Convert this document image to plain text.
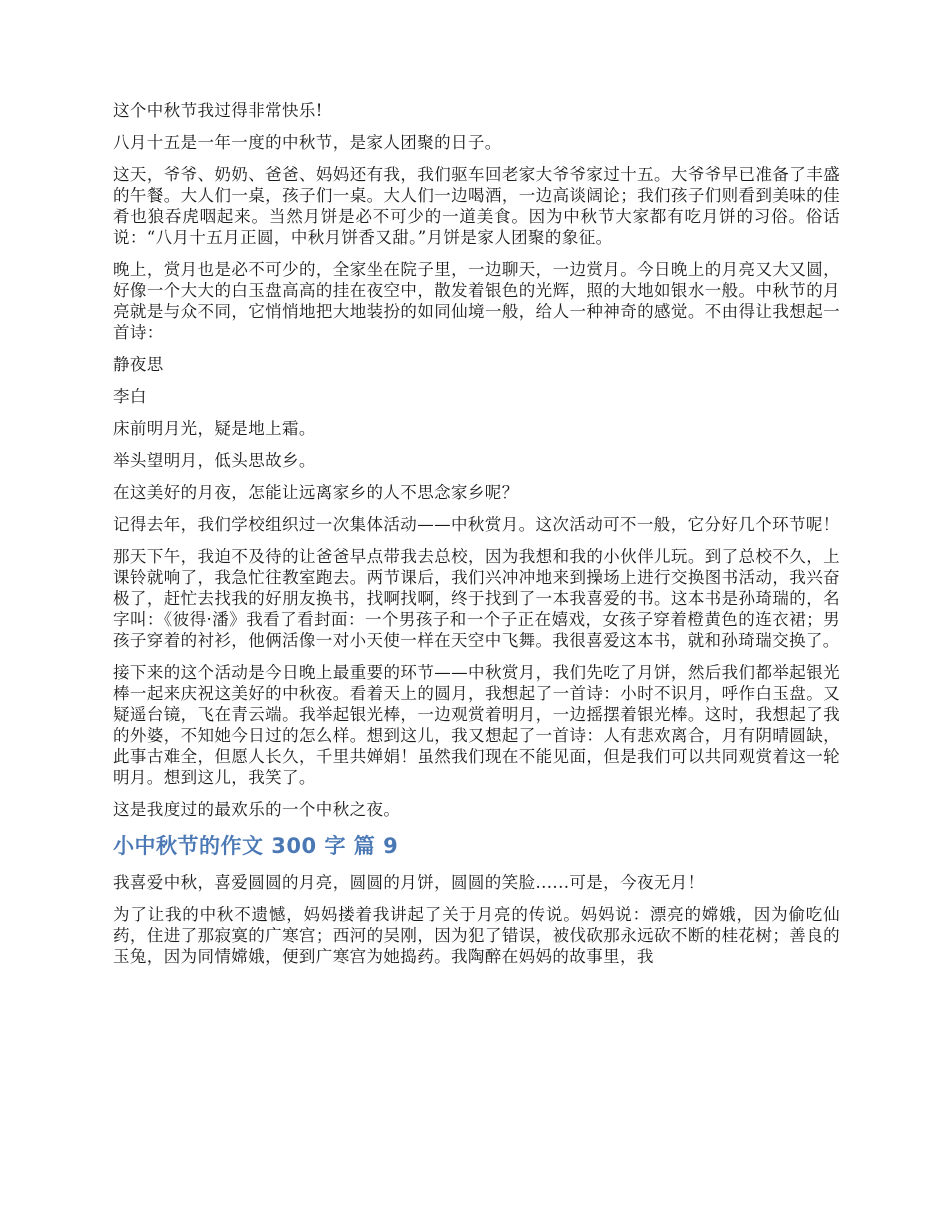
这个中秋节我过得非常快乐!

八月十五是一年一度的中秋节，是家人团聚的日子。

这天，爷爷、奶奶、爸爸、妈妈还有我，我们驱车回老家大爷爷家过十五。大爷爷早已准备了丰盛的午餐。大人们一桌，孩子们一桌。大人们一边喝酒，一边高谈阔论；我们孩子们则看到美味的佳肴也狼吞虎咽起来。当然月饼是必不可少的一道美食。因为中秋节大家都有吃月饼的习俗。俗话说：“八月十五月正圆，中秋月饼香又甜。”月饼是家人团聚的象征。

晚上，赏月也是必不可少的，全家坐在院子里，一边聊天，一边赏月。今日晚上的月亮又大又圆，好像一个大大的白玉盘高高的挂在夜空中，散发着银色的光辉，照的大地如银水一般。中秋节的月亮就是与众不同，它悄悄地把大地装扮的如同仙境一般，给人一种神奇的感觉。不由得让我想起一首诗：

静夜思

李白

床前明月光，疑是地上霜。

举头望明月，低头思故乡。

在这美好的月夜，怎能让远离家乡的人不思念家乡呢？

记得去年，我们学校组织过一次集体活动——中秋赏月。这次活动可不一般，它分好几个环节呢！

那天下午，我迫不及待的让爸爸早点带我去总校，因为我想和我的小伙伴儿玩。到了总校不久，上课铃就响了，我急忙往教室跑去。两节课后，我们兴冲冲地来到操场上进行交换图书活动，我兴奋极了，赶忙去找我的好朋友换书，找啊找啊，终于找到了一本我喜爱的书。这本书是孙琦瑞的，名字叫：《彼得·潘》我看了看封面：一个男孩子和一个子正在嬉戏，女孩子穿着橙黄色的连衣裙；男孩子穿着的衬衫，他俩活像一对小天使一样在天空中飞舞。我很喜爱这本书，就和孙琦瑞交换了。

接下来的这个活动是今日晚上最重要的环节——中秋赏月，我们先吃了月饼，然后我们都举起银光棒一起来庆祝这美好的中秋夜。看着天上的圆月，我想起了一首诗：小时不识月，呼作白玉盘。又疑遥台镜，飞在青云端。我举起银光棒，一边观赏着明月，一边摇摆着银光棒。这时，我想起了我的外婆，不知她今日过的怎么样。想到这儿，我又想起了一首诗：人有悲欢离合，月有阴晴圆缺，此事古难全，但愿人长久，千里共婵娟！虽然我们现在不能见面，但是我们可以共同观赏着这一轮明月。想到这儿，我笑了。

这是我度过的最欢乐的一个中秋之夜。

小中秋节的作文 300 字 篇 9

我喜爱中秋，喜爱圆圆的月亮，圆圆的月饼，圆圆的笑脸......可是，今夜无月！

为了让我的中秋不遗憾，妈妈搂着我讲起了关于月亮的传说。妈妈说：漂亮的嫦娥，因为偷吃仙药，住进了那寂寞的广寒宫；西河的吴刚，因为犯了错误，被伐砍那永远砍不断的桂花树；善良的玉兔，因为同情嫦娥，便到广寒宫为她捣药。我陶醉在妈妈的故事里，我
